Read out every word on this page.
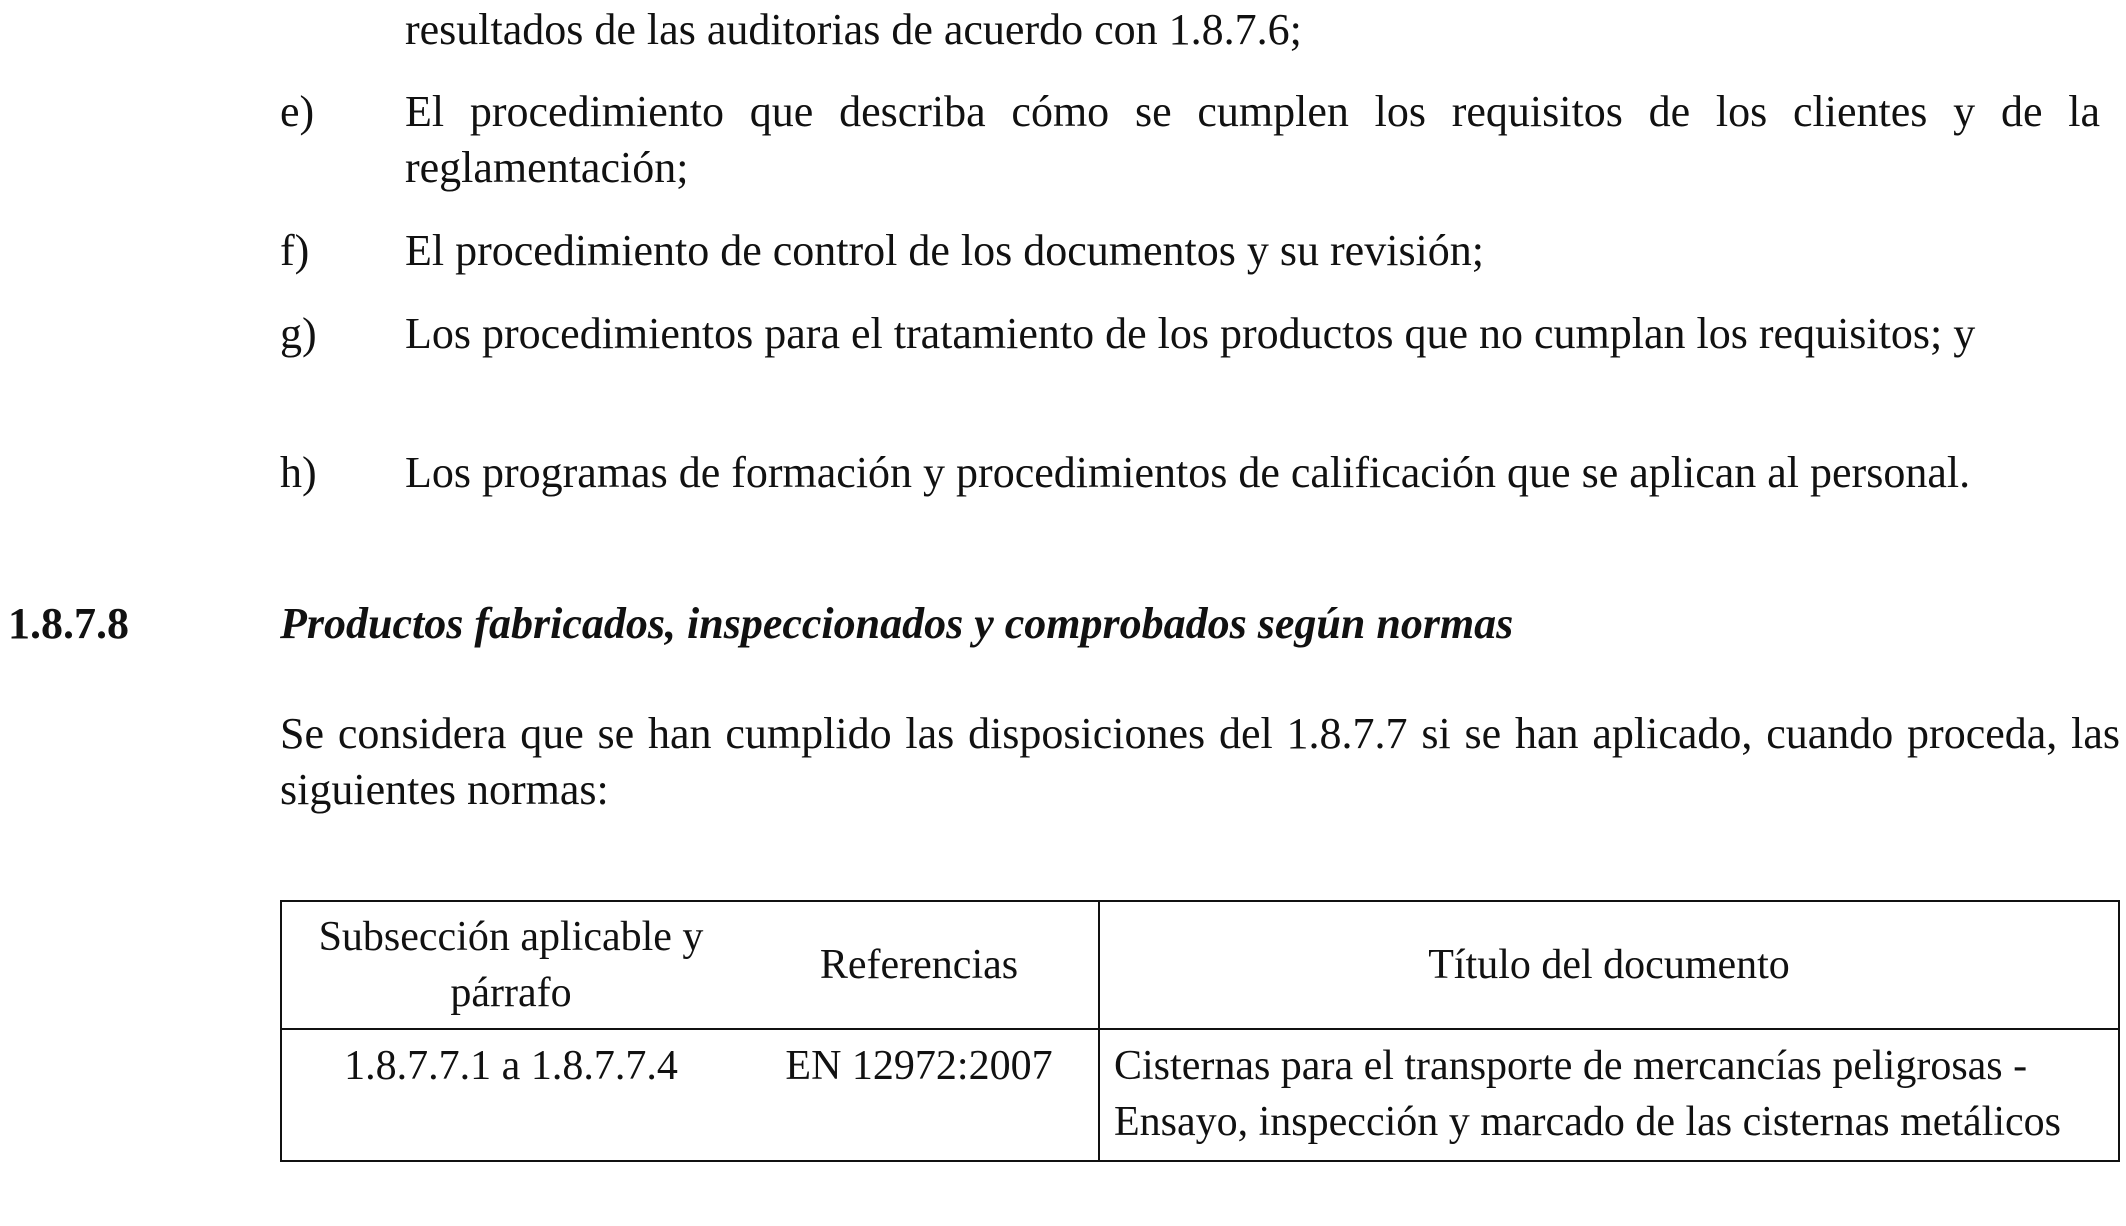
resultados de las auditorias de acuerdo con 1.8.7.6;
e) El procedimiento que describa cómo se cumplen los requisitos de los clientes y de la reglamentación;
f) El procedimiento de control de los documentos y su revisión;
g) Los procedimientos para el tratamiento de los productos que no cumplan los requisitos; y
h) Los programas de formación y procedimientos de calificación que se aplican al personal.
1.8.7.8	Productos fabricados, inspeccionados y comprobados según normas
Se considera que se han cumplido las disposiciones del 1.8.7.7 si se han aplicado, cuando proceda, las siguientes normas:
Subsección aplicable y párrafo	Referencias	Título del documento
1.8.7.7.1 a 1.8.7.7.4	EN 12972:2007	Cisternas para el transporte de mercancías peligrosas - Ensayo, inspección y marcado de las cisternas metálicos
